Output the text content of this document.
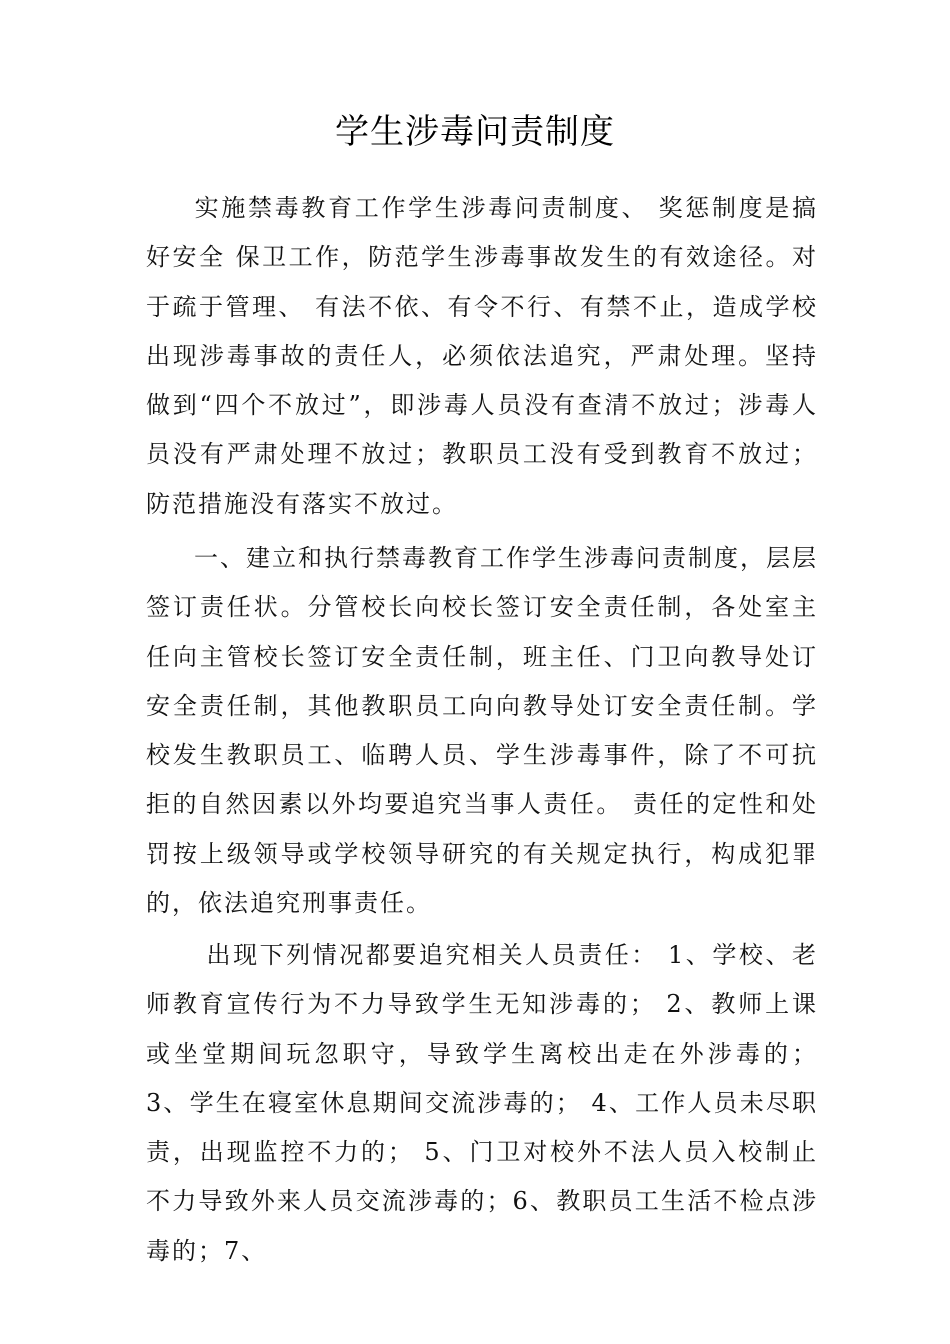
学生涉毒问责制度

实施禁毒教育工作学生涉毒问责制度、 奖惩制度是搞好安全 保卫工作，防范学生涉毒事故发生的有效途径。对于疏于管理、 有法不依、有令不行、有禁不止，造成学校出现涉毒事故的责任人，必须依法追究，严肃处理。坚持做到“四个不放过”，即涉毒人员没有查清不放过；涉毒人员没有严肃处理不放过；教职员工没有受到教育不放过；防范措施没有落实不放过。

一、建立和执行禁毒教育工作学生涉毒问责制度，层层签订责任状。分管校长向校长签订安全责任制，各处室主任向主管校长签订安全责任制，班主任、门卫向教导处订安全责任制，其他教职员工向向教导处订安全责任制。学校发生教职员工、临聘人员、学生涉毒事件，除了不可抗拒的自然因素以外均要追究当事人责任。 责任的定性和处罚按上级领导或学校领导研究的有关规定执行，构成犯罪的，依法追究刑事责任。

出现下列情况都要追究相关人员责任： 1、学校、老师教育宣传行为不力导致学生无知涉毒的； 2、教师上课或坐堂期间玩忽职守，导致学生离校出走在外涉毒的； 3、学生在寝室休息期间交流涉毒的； 4、工作人员未尽职责，出现监控不力的； 5、门卫对校外不法人员入校制止不力导致外来人员交流涉毒的；6、教职员工生活不检点涉毒的；7、
